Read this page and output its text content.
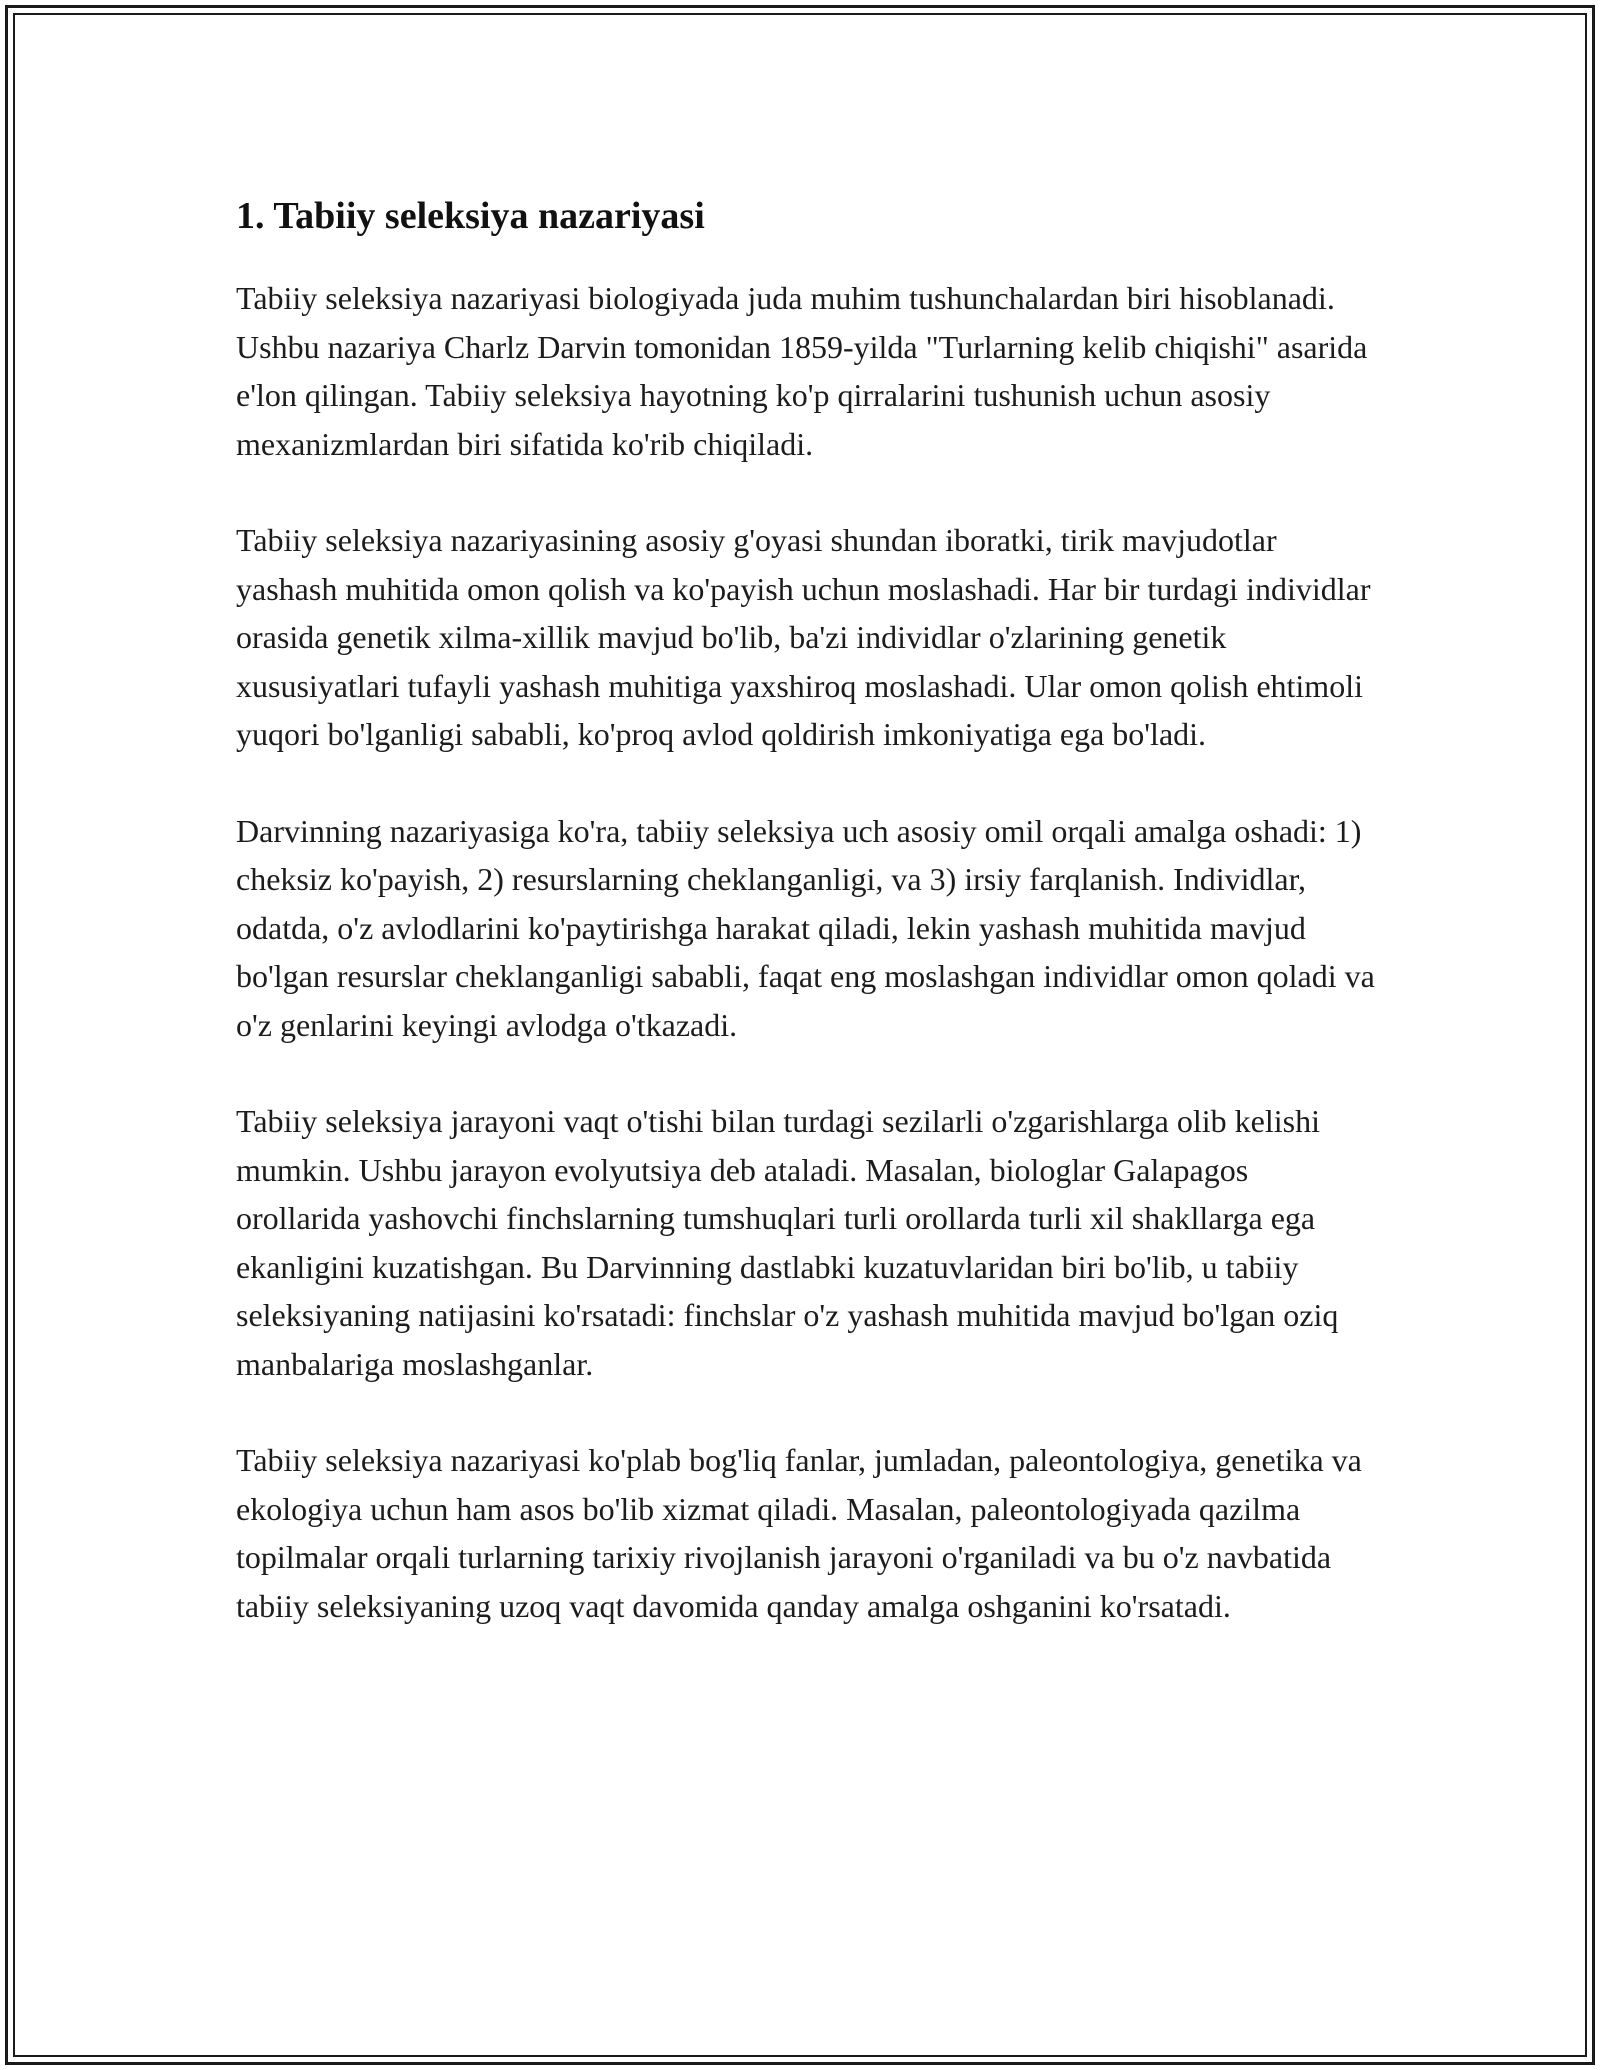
1. Tabiiy seleksiya nazariyasi

Tabiiy seleksiya nazariyasi biologiyada juda muhim tushunchalardan biri hisoblanadi. Ushbu nazariya Charlz Darvin tomonidan 1859-yilda "Turlarning kelib chiqishi" asarida e'lon qilingan. Tabiiy seleksiya hayotning ko'p qirralarini tushunish uchun asosiy mexanizmlardan biri sifatida ko'rib chiqiladi.

Tabiiy seleksiya nazariyasining asosiy g'oyasi shundan iboratki, tirik mavjudotlar yashash muhitida omon qolish va ko'payish uchun moslashadi. Har bir turdagi individlar orasida genetik xilma-xillik mavjud bo'lib, ba'zi individlar o'zlarining genetik xususiyatlari tufayli yashash muhitiga yaxshiroq moslashadi. Ular omon qolish ehtimoli yuqori bo'lganligi sababli, ko'proq avlod qoldirish imkoniyatiga ega bo'ladi.

Darvinning nazariyasiga ko'ra, tabiiy seleksiya uch asosiy omil orqali amalga oshadi: 1) cheksiz ko'payish, 2) resurslarning cheklanganligi, va 3) irsiy farqlanish. Individlar, odatda, o'z avlodlarini ko'paytirishga harakat qiladi, lekin yashash muhitida mavjud bo'lgan resurslar cheklanganligi sababli, faqat eng moslashgan individlar omon qoladi va o'z genlarini keyingi avlodga o'tkazadi.

Tabiiy seleksiya jarayoni vaqt o'tishi bilan turdagi sezilarli o'zgarishlarga olib kelishi mumkin. Ushbu jarayon evolyutsiya deb ataladi. Masalan, biologlar Galapagos orollarida yashovchi finchslarning tumshuqlari turli orollarda turli xil shakllarga ega ekanligini kuzatishgan. Bu Darvinning dastlabki kuzatuvlaridan biri bo'lib, u tabiiy seleksiyaning natijasini ko'rsatadi: finchslar o'z yashash muhitida mavjud bo'lgan oziq manbalariga moslashganlar.

Tabiiy seleksiya nazariyasi ko'plab bog'liq fanlar, jumladan, paleontologiya, genetika va ekologiya uchun ham asos bo'lib xizmat qiladi. Masalan, paleontologiyada qazilma topilmalar orqali turlarning tarixiy rivojlanish jarayoni o'rganiladi va bu o'z navbatida tabiiy seleksiyaning uzoq vaqt davomida qanday amalga oshganini ko'rsatadi.
